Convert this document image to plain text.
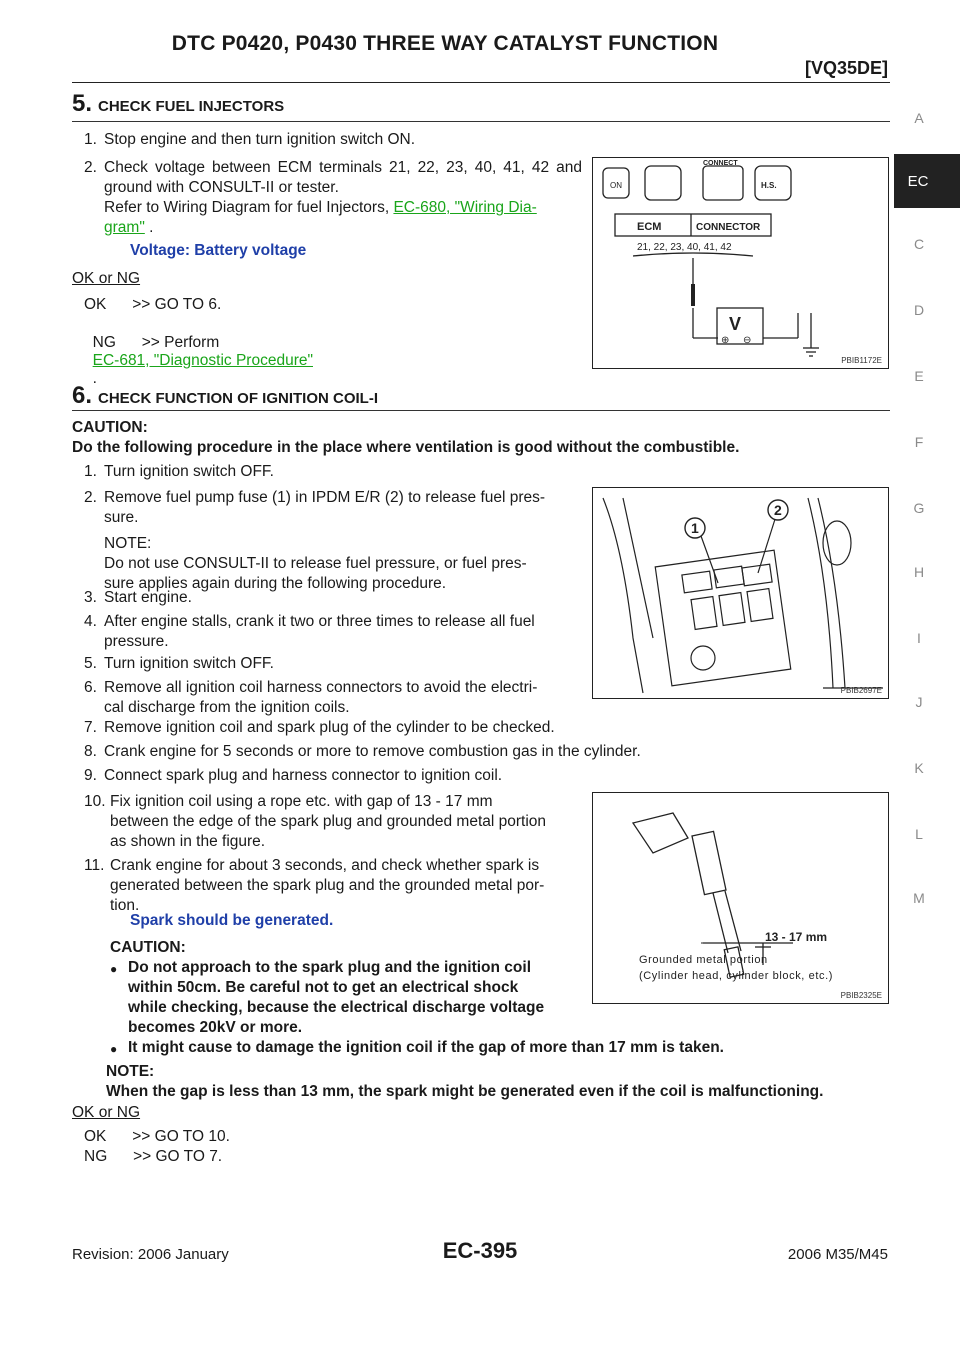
DTC P0420, P0430 THREE WAY CATALYST FUNCTION
[VQ35DE]
A
EC
C
D
E
F
G
H
I
J
K
L
M
5. CHECK FUEL INJECTORS
1. Stop engine and then turn ignition switch ON.
2. Check voltage between ECM terminals 21, 22, 23, 40, 41, 42 and ground with CONSULT-II or tester.
Refer to Wiring Diagram for fuel Injectors, EC-680, "Wiring Dia-
gram" .
Voltage: Battery voltage
OK or NG
OK      >> GO TO 6.

NG      >> Perform
EC-681, "Diagnostic Procedure"
.

ON
CONNECT
H.S.
ECM	CONNECTOR
21, 22, 23, 40, 41, 42
V
⊕ ⊖
PBIB1172E
6. CHECK FUNCTION OF IGNITION COIL-I
CAUTION:
Do the following procedure in the place where ventilation is good without the combustible.
1. Turn ignition switch OFF.
2. Remove fuel pump fuse (1) in IPDM E/R (2) to release fuel pres-
sure.
NOTE:
Do not use CONSULT-II to release fuel pressure, or fuel pres-
sure applies again during the following procedure.
3. Start engine.
4. After engine stalls, crank it two or three times to release all fuel
pressure.
5. Turn ignition switch OFF.
6. Remove all ignition coil harness connectors to avoid the electri-
cal discharge from the ignition coils.
7. Remove ignition coil and spark plug of the cylinder to be checked.
8. Crank engine for 5 seconds or more to remove combustion gas in the cylinder.
9. Connect spark plug and harness connector to ignition coil.
10. Fix ignition coil using a rope etc. with gap of 13 - 17 mm
between the edge of the spark plug and grounded metal portion
as shown in the figure.
11. Crank engine for about 3 seconds, and check whether spark is
generated between the spark plug and the grounded metal por-
tion.
Spark should be generated.
CAUTION:
● Do not approach to the spark plug and the ignition coil
within 50cm. Be careful not to get an electrical shock
while checking, because the electrical discharge voltage
becomes 20kV or more.
● It might cause to damage the ignition coil if the gap of more than 17 mm is taken.
NOTE:
When the gap is less than 13 mm, the spark might be generated even if the coil is malfunctioning.
OK or NG
OK      >> GO TO 10.
NG      >> GO TO 7.
1
2
PBIB2697E
13 - 17 mm
Grounded metal portion
(Cylinder head, cylinder block, etc.)
PBIB2325E
Revision: 2006 January	EC-395	2006 M35/M45
